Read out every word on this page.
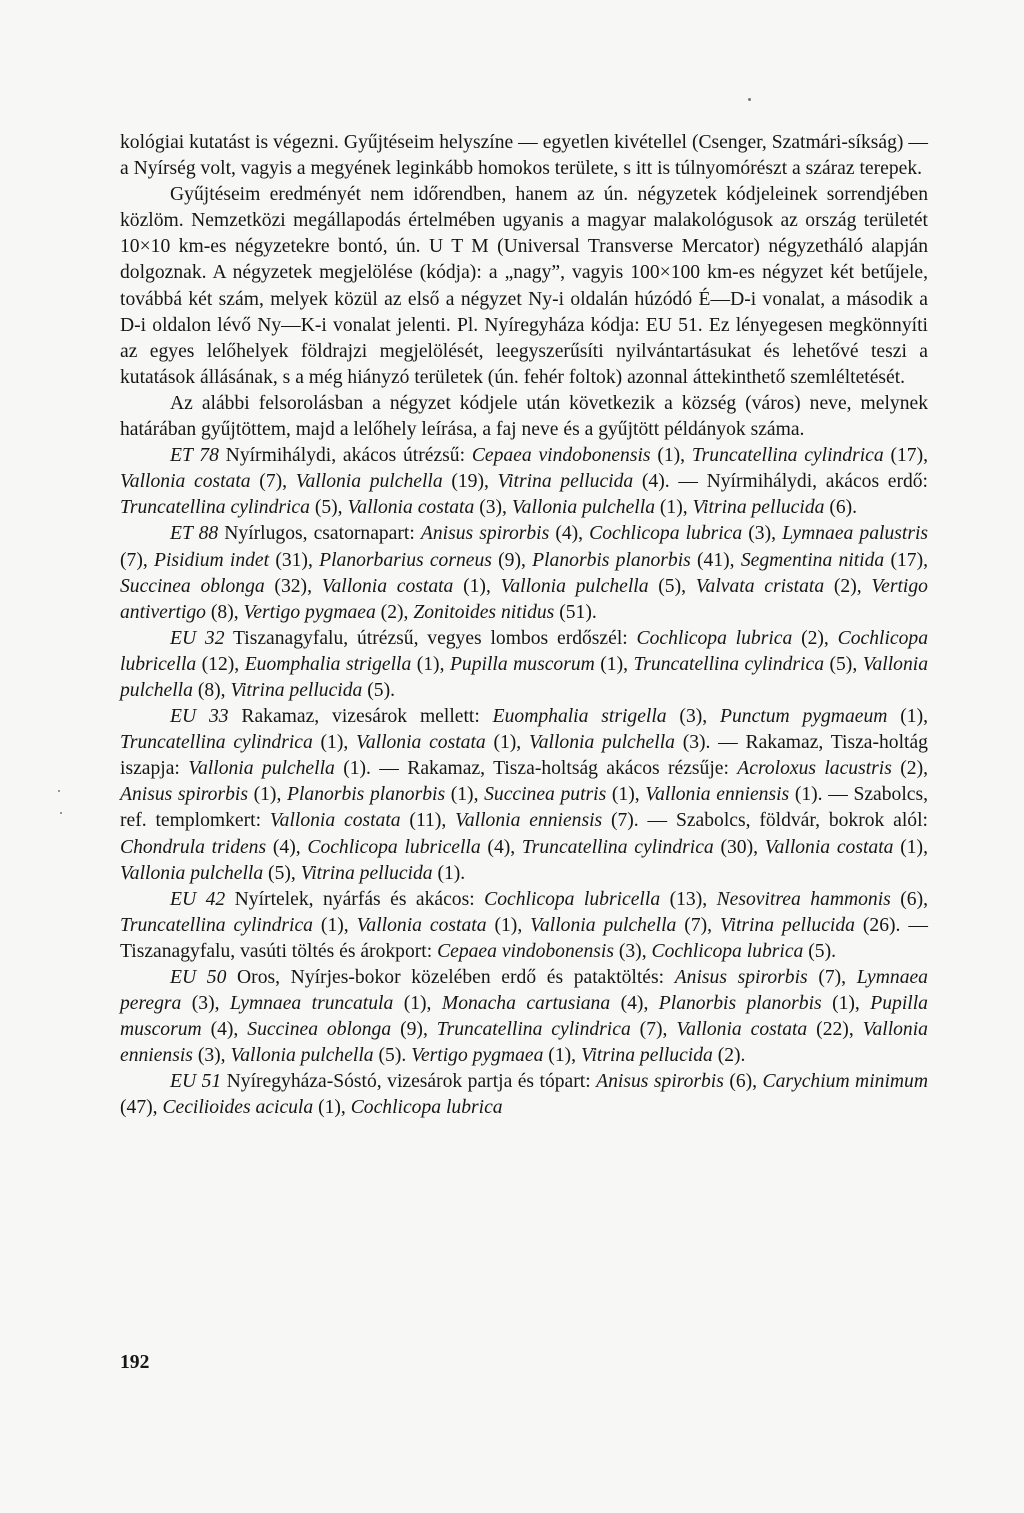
kológiai kutatást is végezni. Gyűjtéseim helyszíne — egyetlen kivétellel (Csenger, Szatmári-síkság) — a Nyírség volt, vagyis a megyének leginkább homokos területe, s itt is túlnyomórészt a száraz terepek.

Gyűjtéseim eredményét nem időrendben, hanem az ún. négyzetek kódjeleinek sorrendjében közlöm. Nemzetközi megállapodás értelmében ugyanis a magyar malakológusok az ország területét 10×10 km-es négyzetekre bontó, ún. U T M (Universal Transverse Mercator) négyzetháló alapján dolgoznak. A négyzetek megjelölése (kódja): a „nagy”, vagyis 100×100 km-es négyzet két betűjele, továbbá két szám, melyek közül az első a négyzet Ny-i oldalán húzódó É—D-i vonalat, a második a D-i oldalon lévő Ny—K-i vonalat jelenti. Pl. Nyíregyháza kódja: EU 51. Ez lényegesen megkönnyíti az egyes lelőhelyek földrajzi megjelölését, leegyszerűsíti nyilvántartásukat és lehetővé teszi a kutatások állásának, s a még hiányzó területek (ún. fehér foltok) azonnal áttekinthető szemléltetését.

Az alábbi felsorolásban a négyzet kódjele után következik a község (város) neve, melynek határában gyűjtöttem, majd a lelőhely leírása, a faj neve és a gyűjtött példányok száma.

ET 78 Nyírmihálydi, akácos útrézsű: Cepaea vindobonensis (1), Truncatellina cylindrica (17), Vallonia costata (7), Vallonia pulchella (19), Vitrina pellucida (4). — Nyírmihálydi, akácos erdő: Truncatellina cylindrica (5), Vallonia costata (3), Vallonia pulchella (1), Vitrina pellucida (6).

ET 88 Nyírlugos, csatornapart: Anisus spirorbis (4), Cochlicopa lubrica (3), Lymnaea palustris (7), Pisidium indet (31), Planorbarius corneus (9), Planorbis planorbis (41), Segmentina nitida (17), Succinea oblonga (32), Vallonia costata (1), Vallonia pulchella (5), Valvata cristata (2), Vertigo antivertigo (8), Vertigo pygmaea (2), Zonitoides nitidus (51).

EU 32 Tiszanagyfalu, útrézsű, vegyes lombos erdőszél: Cochlicopa lubrica (2), Cochlicopa lubricella (12), Euomphalia strigella (1), Pupilla muscorum (1), Truncatellina cylindrica (5), Vallonia pulchella (8), Vitrina pellucida (5).

EU 33 Rakamaz, vizesárok mellett: Euomphalia strigella (3), Punctum pygmaeum (1), Truncatellina cylindrica (1), Vallonia costata (1), Vallonia pulchella (3). — Rakamaz, Tisza-holtág iszapja: Vallonia pulchella (1). — Rakamaz, Tisza-holtság akácos rézsűje: Acroloxus lacustris (2), Anisus spirorbis (1), Planorbis planorbis (1), Succinea putris (1), Vallonia enniensis (1). — Szabolcs, ref. templomkert: Vallonia costata (11), Vallonia enniensis (7). — Szabolcs, földvár, bokrok alól: Chondrula tridens (4), Cochlicopa lubricella (4), Truncatellina cylindrica (30), Vallonia costata (1), Vallonia pulchella (5), Vitrina pellucida (1).

EU 42 Nyírtelek, nyárfás és akácos: Cochlicopa lubricella (13), Nesovitrea hammonis (6), Truncatellina cylindrica (1), Vallonia costata (1), Vallonia pulchella (7), Vitrina pellucida (26). — Tiszanagyfalu, vasúti töltés és árokport: Cepaea vindobonensis (3), Cochlicopa lubrica (5).

EU 50 Oros, Nyírjes-bokor közelében erdő és pataktöltés: Anisus spirorbis (7), Lymnaea peregra (3), Lymnaea truncatula (1), Monacha cartusiana (4), Planorbis planorbis (1), Pupilla muscorum (4), Succinea oblonga (9), Truncatellina cylindrica (7), Vallonia costata (22), Vallonia enniensis (3), Vallonia pulchella (5). Vertigo pygmaea (1), Vitrina pellucida (2).

EU 51 Nyíregyháza-Sóstó, vizesárok partja és tópart: Anisus spirorbis (6), Carychium minimum (47), Cecilioides acicula (1), Cochlicopa lubrica

192
